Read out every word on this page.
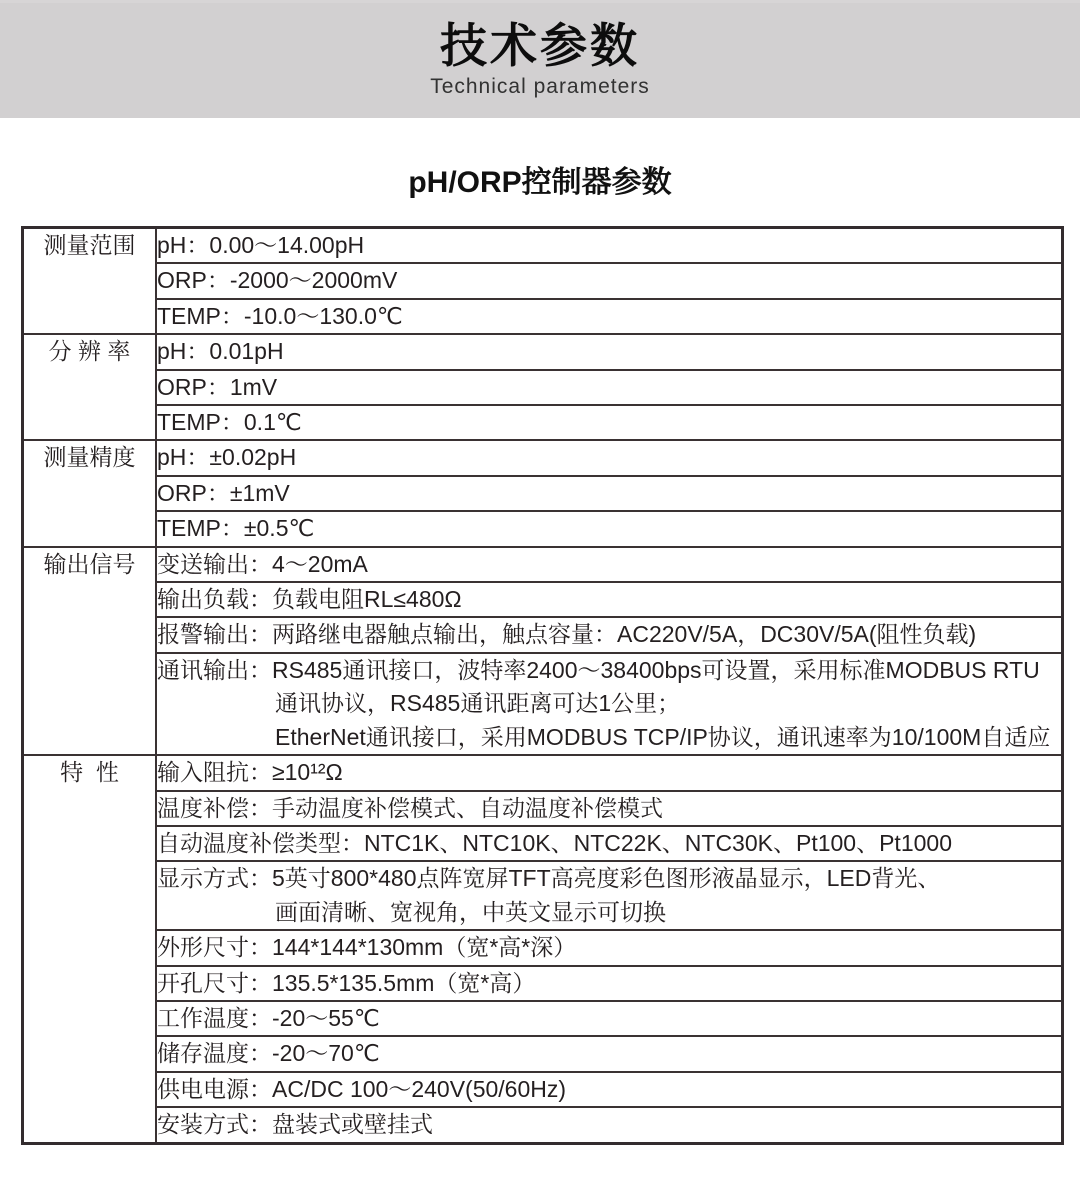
技术参数
Technical parameters
pH/ORP控制器参数
测量范围	pH：0.00～14.00pH

	ORP：-2000～2000mV

	TEMP：-10.0～130.0℃

分 辨 率	pH：0.01pH

	ORP：1mV

	TEMP：0.1℃

测量精度	pH：±0.02pH

	ORP：±1mV

	TEMP：±0.5℃

输出信号	变送输出：4～20mA

	输出负载：负载电阻RL≤480Ω

	报警输出：两路继电器触点输出，触点容量：AC220V/5A，DC30V/5A(阻性负载)

	通讯输出：RS485通讯接口，波特率2400～38400bps可设置，采用标准MODBUS RTU
通讯协议，RS485通讯距离可达1公里；
EtherNet通讯接口，采用MODBUS TCP/IP协议，通讯速率为10/100M自适应

特  性	输入阻抗：≥10¹²Ω

	温度补偿：手动温度补偿模式、自动温度补偿模式

	自动温度补偿类型：NTC1K、NTC10K、NTC22K、NTC30K、Pt100、Pt1000

	显示方式：5英寸800*480点阵宽屏TFT高亮度彩色图形液晶显示，LED背光、
画面清晰、宽视角，中英文显示可切换

	外形尺寸：144*144*130mm（宽*高*深）

	开孔尺寸：135.5*135.5mm（宽*高）

	工作温度：-20～55℃

	储存温度：-20～70℃

	供电电源：AC/DC 100～240V(50/60Hz)

	安装方式：盘装式或壁挂式
